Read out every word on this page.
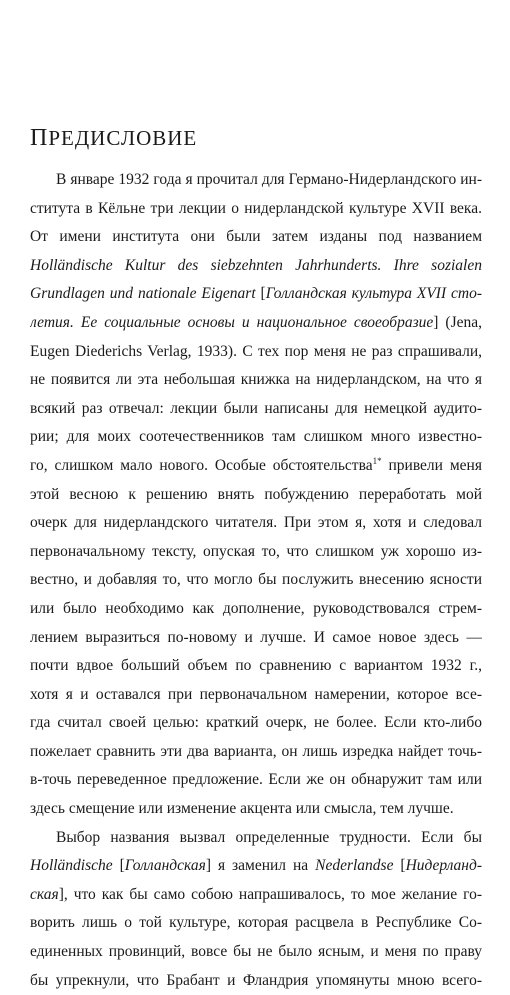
ПРЕДИСЛОВИЕ
В январе 1932 года я прочитал для Германо-Нидерландского ин-
ститута в Кёльне три лекции о нидерландской культуре XVII века.
От имени института они были затем изданы под названием
Holländische Kultur des siebzehnten Jahrhunderts. Ihre sozialen
Grundlagen und nationale Eigenart [Голландская культура XVII сто-
летия. Ее социальные основы и национальное своеобразие] (Jena,
Eugen Diederichs Verlag, 1933). С тех пор меня не раз спрашивали,
не появится ли эта небольшая книжка на нидерландском, на что я
всякий раз отвечал: лекции были написаны для немецкой аудито-
рии; для моих соотечественников там слишком много известно-
го, слишком мало нового. Особые обстоятельства$^{1*}$ привели меня
этой весною к решению внять побуждению переработать мой
очерк для нидерландского читателя. При этом я, хотя и следовал
первоначальному тексту, опуская то, что слишком уж хорошо из-
вестно, и добавляя то, что могло бы послужить внесению ясности
или было необходимо как дополнение, руководствовался стрем-
лением выразиться по-новому и лучше. И самое новое здесь —
почти вдвое больший объем по сравнению с вариантом 1932 г.,
хотя я и оставался при первоначальном намерении, которое все-
гда считал своей целью: краткий очерк, не более. Если кто-либо
пожелает сравнить эти два варианта, он лишь изредка найдет точь-
в-точь переведенное предложение. Если же он обнаружит там или
здесь смещение или изменение акцента или смысла, тем лучше.
Выбор названия вызвал определенные трудности. Если бы
Holländische [Голландская] я заменил на Nederlandse [Нидерланд-
ская], что как бы само собою напрашивалось, то мое желание го-
ворить лишь о той культуре, которая расцвела в Республике Со-
единенных провинций, вовсе бы не было ясным, и меня по праву
бы упрекнули, что Брабант и Фландрия упомянуты мною всего-
